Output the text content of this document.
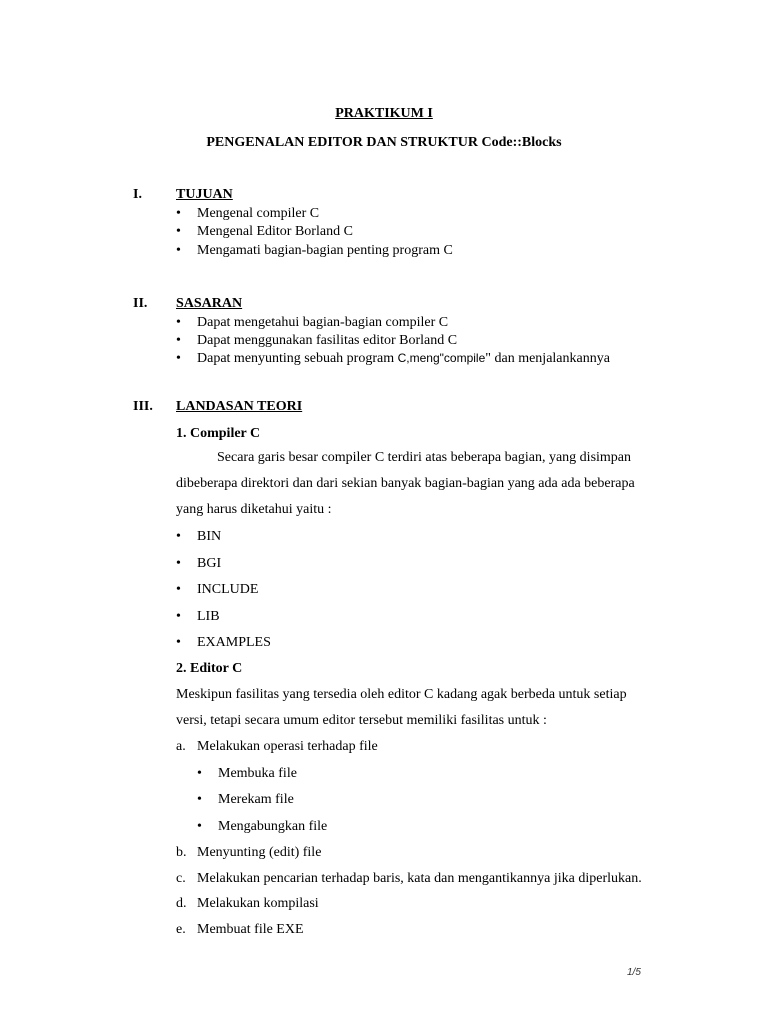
PRAKTIKUM I
PENGENALAN EDITOR DAN STRUKTUR Code::Blocks
I. TUJUAN
•
Mengenal compiler C
•
Mengenal Editor Borland C
•
Mengamati bagian-bagian penting program C
II. SASARAN
•
Dapat mengetahui bagian-bagian compiler C
•
Dapat menggunakan fasilitas editor Borland C
•
Dapat menyunting sebuah program C,meng"compile" dan menjalankannya
III. LANDASAN TEORI
1. Compiler C
Secara garis besar compiler C terdiri atas beberapa bagian, yang disimpan
dibeberapa direktori dan dari sekian banyak bagian-bagian yang ada ada beberapa
yang harus diketahui yaitu :
•
BIN
•
BGI
•
INCLUDE
•
LIB
•
EXAMPLES
2. Editor C
Meskipun fasilitas yang tersedia oleh editor C kadang agak berbeda untuk setiap
versi, tetapi secara umum editor tersebut memiliki fasilitas untuk :
a. Melakukan operasi terhadap file
•
Membuka file
•
Merekam file
•
Mengabungkan file
b. Menyunting (edit) file
c. Melakukan pencarian terhadap baris, kata dan mengantikannya jika diperlukan.
d. Melakukan kompilasi
e. Membuat file EXE
1/5
